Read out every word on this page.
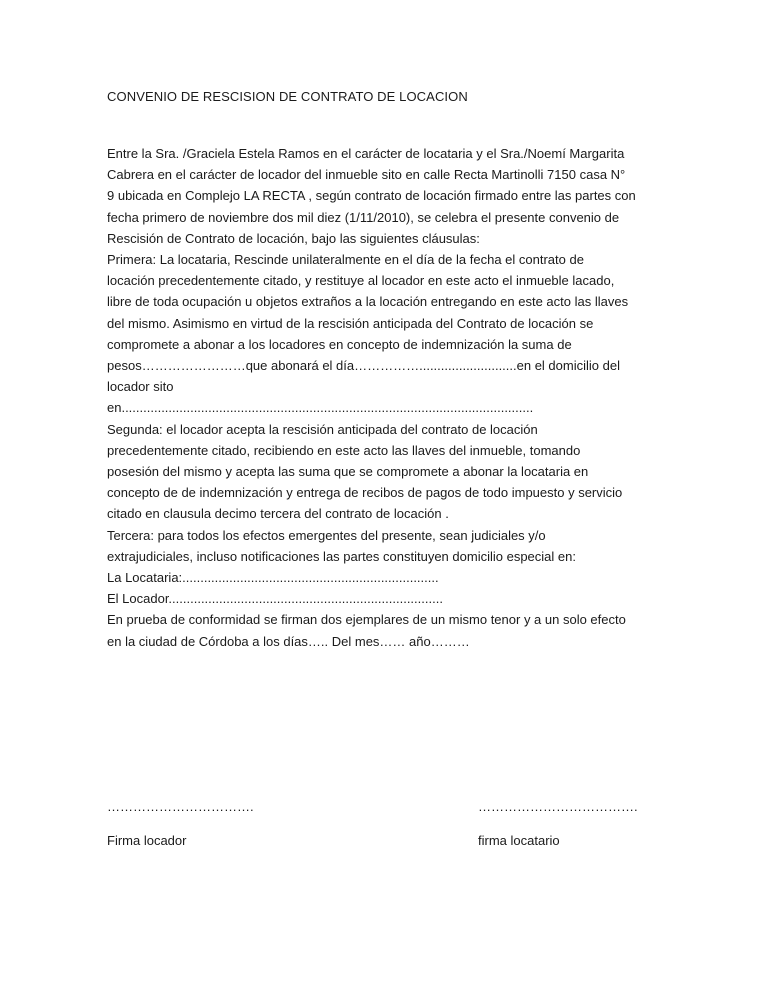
CONVENIO DE RESCISION DE CONTRATO DE LOCACION
Entre la Sra. /Graciela Estela Ramos en el carácter de locataria y el Sra./Noemí Margarita
Cabrera en el carácter de locador del inmueble sito en calle Recta Martinolli 7150 casa N°
9 ubicada en Complejo LA RECTA , según contrato de locación firmado entre las partes con
fecha primero de noviembre dos mil diez (1/11/2010), se celebra el presente convenio de
Rescisión de Contrato de locación, bajo las siguientes cláusulas:
Primera: La locataria, Rescinde unilateralmente en el día de la fecha el contrato de
locación precedentemente citado, y restituye al locador en este acto el inmueble lacado,
libre de toda ocupación u objetos extraños a la locación entregando en este acto las llaves
del mismo. Asimismo en virtud de la rescisión anticipada del Contrato de locación se
compromete a abonar a los locadores en concepto de indemnización la suma de
pesos……………………que abonará el día……………...........................en el domicilio del
locador sito
en..................................................................................................................
Segunda: el locador acepta la rescisión anticipada del contrato de locación
precedentemente citado, recibiendo en este acto las llaves del inmueble, tomando
posesión del mismo y acepta las suma que se compromete a abonar la locataria en
concepto de de indemnización y entrega de recibos de pagos de todo impuesto y servicio
citado en clausula decimo tercera del contrato de locación .
Tercera: para todos los efectos emergentes del presente, sean judiciales y/o
extrajudiciales, incluso notificaciones las partes constituyen domicilio especial en:
La Locataria:.......................................................................
El Locador............................................................................
En prueba de conformidad se firman dos ejemplares de un mismo tenor y a un solo efecto
en la ciudad de Córdoba a los días….. Del mes…… año………
…………………………….	……………………………….
Firma locador	firma locatario
